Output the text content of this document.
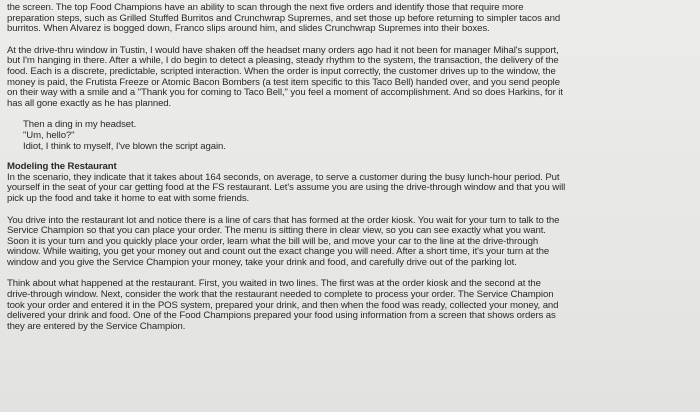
the screen. The top Food Champions have an ability to scan through the next five orders and identify those that require more
preparation steps, such as Grilled Stuffed Burritos and Crunchwrap Supremes, and set those up before returning to simpler tacos and
burritos. When Alvarez is bogged down, Franco slips around him, and slides Crunchwrap Supremes into their boxes.

At the drive-thru window in Tustin, I would have shaken off the headset many orders ago had it not been for manager Mihal's support,
but I'm hanging in there. After a while, I do begin to detect a pleasing, steady rhythm to the system, the transaction, the delivery of the
food. Each is a discrete, predictable, scripted interaction. When the order is input correctly, the customer drives up to the window, the
money is paid, the Frutista Freeze or Atomic Bacon Bombers (a test item specific to this Taco Bell) handed over, and you send people
on their way with a smile and a "Thank you for coming to Taco Bell," you feel a moment of accomplishment. And so does Harkins, for it
has all gone exactly as he has planned.

Then a ding in my headset.
"Um, hello?"
Idiot, I think to myself, I've blown the script again.

Modeling the Restaurant

In the scenario, they indicate that it takes about 164 seconds, on average, to serve a customer during the busy lunch-hour period. Put
yourself in the seat of your car getting food at the FS restaurant. Let's assume you are using the drive-through window and that you will
pick up the food and take it home to eat with some friends.

You drive into the restaurant lot and notice there is a line of cars that has formed at the order kiosk. You wait for your turn to talk to the
Service Champion so that you can place your order. The menu is sitting there in clear view, so you can see exactly what you want.
Soon it is your turn and you quickly place your order, learn what the bill will be, and move your car to the line at the drive-through
window. While waiting, you get your money out and count out the exact change you will need. After a short time, it's your turn at the
window and you give the Service Champion your money, take your drink and food, and carefully drive out of the parking lot.

Think about what happened at the restaurant. First, you waited in two lines. The first was at the order kiosk and the second at the
drive-through window. Next, consider the work that the restaurant needed to complete to process your order. The Service Champion
took your order and entered it in the POS system, prepared your drink, and then when the food was ready, collected your money, and
delivered your drink and food. One of the Food Champions prepared your food using information from a screen that shows orders as
they are entered by the Service Champion.
